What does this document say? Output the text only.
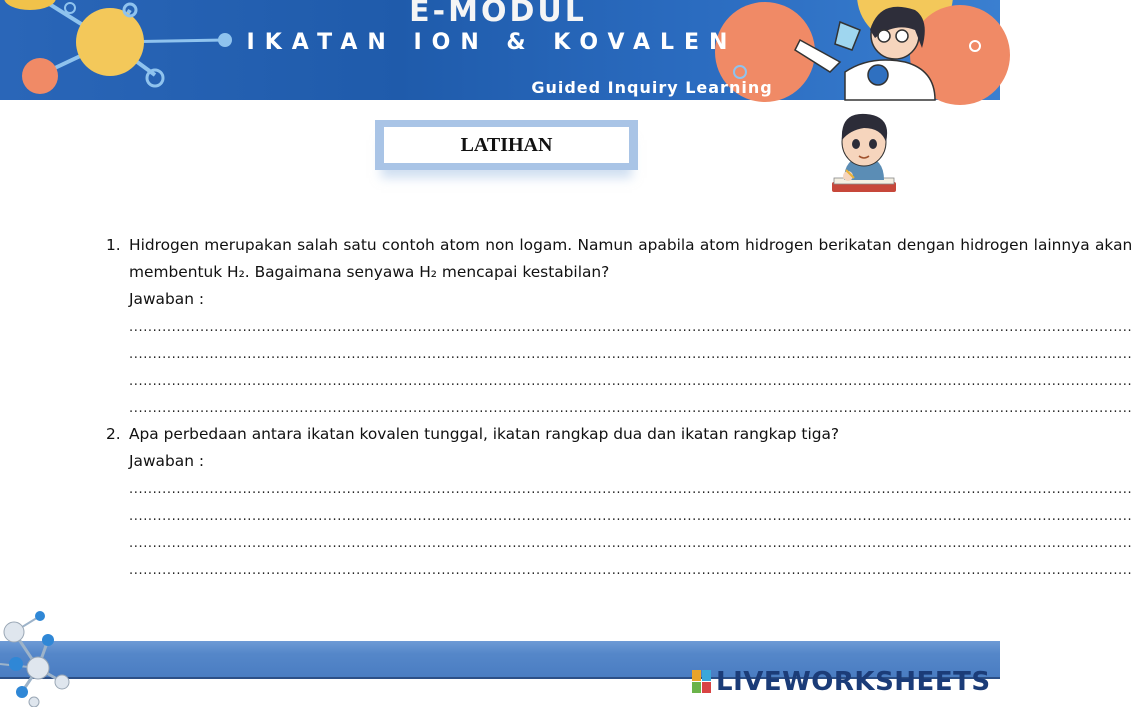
E-MODUL
IKATAN ION & KOVALEN
Guided Inquiry Learning
LATIHAN
1. Hidrogen merupakan salah satu contoh atom non logam. Namun apabila atom hidrogen berikatan dengan hidrogen lainnya akan membentuk H₂. Bagaimana senyawa H₂ mencapai kestabilan?
Jawaban :
.....
.....
.....
.....
2. Apa perbedaan antara ikatan kovalen tunggal, ikatan rangkap dua dan ikatan rangkap tiga?
Jawaban :
.....
.....
.....
.....
LIVEWORKSHEETS
